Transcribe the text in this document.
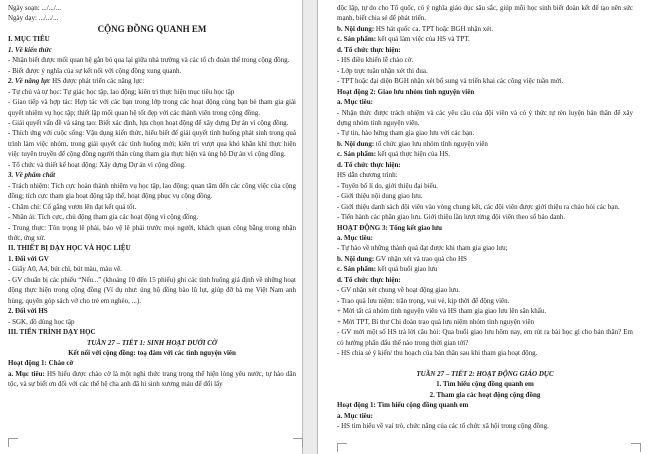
Ngày soạn: .../.../...
Ngày dạy: .../.../...
CỘNG ĐỒNG QUANH EM
I. MỤC TIÊU
1. Về kiến thức
- Nhận biết được mối quan hệ gắn bó qua lại giữa nhà trường và các tổ ch đoàn thể trong cộng đồng.
- Biết được ý nghĩa của sự kết nối với cộng đồng xung quanh.
2. Về năng lực HS được phát triển các năng lực:
- Tự chủ và tự học: Tự giác học tập, lao động; kiên trì thực hiện mục tiêu học tập
- Giao tiếp và hợp tác: Hợp tác với các bạn trong lớp trong các hoạt động cùng bạn bè tham gia giải quyết nhiệm vụ học tập; thiết lập mối quan hệ tốt đẹp với các thành viên trong cộng đồng.
- Giải quyết vấn đề và sáng tạo: Biết xác định, lựa chọn hoạt động để xây dựng Dự án vì cộng đồng.
- Thích ứng với cuộc sống: Vận dụng kiến thức, hiểu biết để giải quyết tình huống phát sinh trong quá trình làm việc nhóm, trong giải quyết các tình huống mới; kiên trì vượt qua khó khăn khi thực hiện việc tuyên truyền để cộng đồng người thân cùng tham gia thực hiện và ủng hộ Dự án vì cộng đồng.
- Tổ chức và thiết kế hoạt động: Xây dựng Dự án vì cộng đồng.
3. Về phẩm chất
- Trách nhiệm: Tích cực hoàn thành nhiệm vụ học tập, lao động; quan tâm đến các công việc của cộng đồng; tích cực tham gia hoạt động tập thể, hoạt động phục vụ cộng đồng.
- Chăm chỉ: Cố gắng vươn lên đạt kết quả tốt.
- Nhân ái: Tích cực, chủ động tham gia các hoạt động vì cộng đồng.
- Trung thực: Tôn trọng lẽ phải, bảo vệ lẽ phải trước mọi người, khách quan công bằng trong nhận thức, ứng xử.
II. THIẾT BỊ DẠY HỌC VÀ HỌC LIỆU
1. Đối với GV
- Giấy A0, A4, bút chì, bút màu, màu vẽ.
- GV chuẩn bị các phiếu “Nếu...” (khoảng 10 đến 15 phiếu) ghi các tình huống giả định về những hoạt động thực hiện trong cộng đồng (Ví dụ như: ủng hộ đồng bào lũ lụt, giúp đỡ bà mẹ Việt Nam anh hùng, quyên góp sách vở cho trẻ em nghèo, ...).
2. Đối với HS
- SGK, đồ dùng học tập
III. TIẾN TRÌNH DẠY HỌC
TUẦN 27 – TIẾT 1: SINH HOẠT DƯỚI CỜ
Kết nối với cộng đồng: toạ đàm với các tình nguyện viên
Hoạt động 1: Chào cờ
a. Mục tiêu: HS hiểu được chào cờ là một nghi thức trang trọng thể hiện lòng yêu nước, tự hào dân tộc, và sự biết ơn đối với các thế hệ cha anh đã hi sinh xương máu để đổi lấy
độc lập, tự do cho Tổ quốc, có ý nghĩa giáo dục sâu sắc, giúp mỗi học sinh biết đoàn kết để tạo nên sức mạnh, biết chia sẻ để phát triển.
b. Nội dung: HS hát quốc ca. TPT hoặc BGH nhận xét.
c. Sản phẩm: kết quả làm việc của HS và TPT.
d. Tổ chức thực hiện:
- HS điều khiển lễ chào cờ.
- Lớp trực tuần nhận xét thi đua.
- TPT hoặc đại diện BGH nhận xét bổ sung và triển khai các công việc tuần mới.
Hoạt động 2: Giao lưu nhóm tình nguyện viên
a. Mục tiêu:
- Nhận thức được trách nhiệm và các yêu cầu của đội viên và có ý thức tự rèn luyện bản thân để xây dựng nhóm tình nguyện viên.
- Tự tin, hào hứng tham gia giao lưu với các bạn.
b. Nội dung: tổ chức giao lưu nhóm tình nguyện viên
c. Sản phẩm: kết quả thực hiện của HS.
d. Tổ chức thực hiện:
HS dẫn chương trình:
- Tuyên bố lí do, giới thiệu đại biểu.
- Giới thiệu nội dung giao lưu.
- Giới thiệu danh sách đội viên vào vòng chung kết, các đội viên được giới thiệu ra chào hỏi các bạn.
- Tiến hành các phần giao lưu. Giới thiệu lần lượt từng đội viên theo số báo danh.
HOẠT ĐỘNG 3: Tổng kết giao lưu
a. Mục tiêu:
- Tự hào về những thành quả đạt được khi tham gia giao lưu;
b. Nội dung: GV nhận xét và trao quà cho HS
c. Sản phẩm: kết quả buổi giao lưu
d. Tổ chức thực hiện:
- GV nhận xét chung về hoạt động giao lưu.
- Trao quà lưu niệm: trân trọng, vui vẻ, kịp thời để động viên.
+ Mời tất cả nhóm tình nguyện viên và HS tham gia giao lưu lên sân khấu.
+ Mời TPT, Bí thư Chi đoàn trao quà lưu niệm nhóm tình nguyện viên
- GV mời một số HS trả lời câu hỏi: Qua buổi giao lưu hôm nay, em rút ra bài học gì cho bản thân? Em có hướng phấn đấu thế nào trong thời gian tới?
- HS chia sẻ ý kiến/ thu hoạch của bản thân sau khi tham gia hoạt động.

TUẦN 27 – TIẾT 2: HOẠT ĐỘNG GIÁO DỤC
1. Tìm hiểu cộng đồng quanh em
2. Tham gia các hoạt động cộng đồng
Hoạt động 1: Tìm hiểu cộng đồng quanh em
a. Mục tiêu:
- HS tìm hiểu về vai trò, chức năng của các tổ chức xã hội trong cộng đồng.
